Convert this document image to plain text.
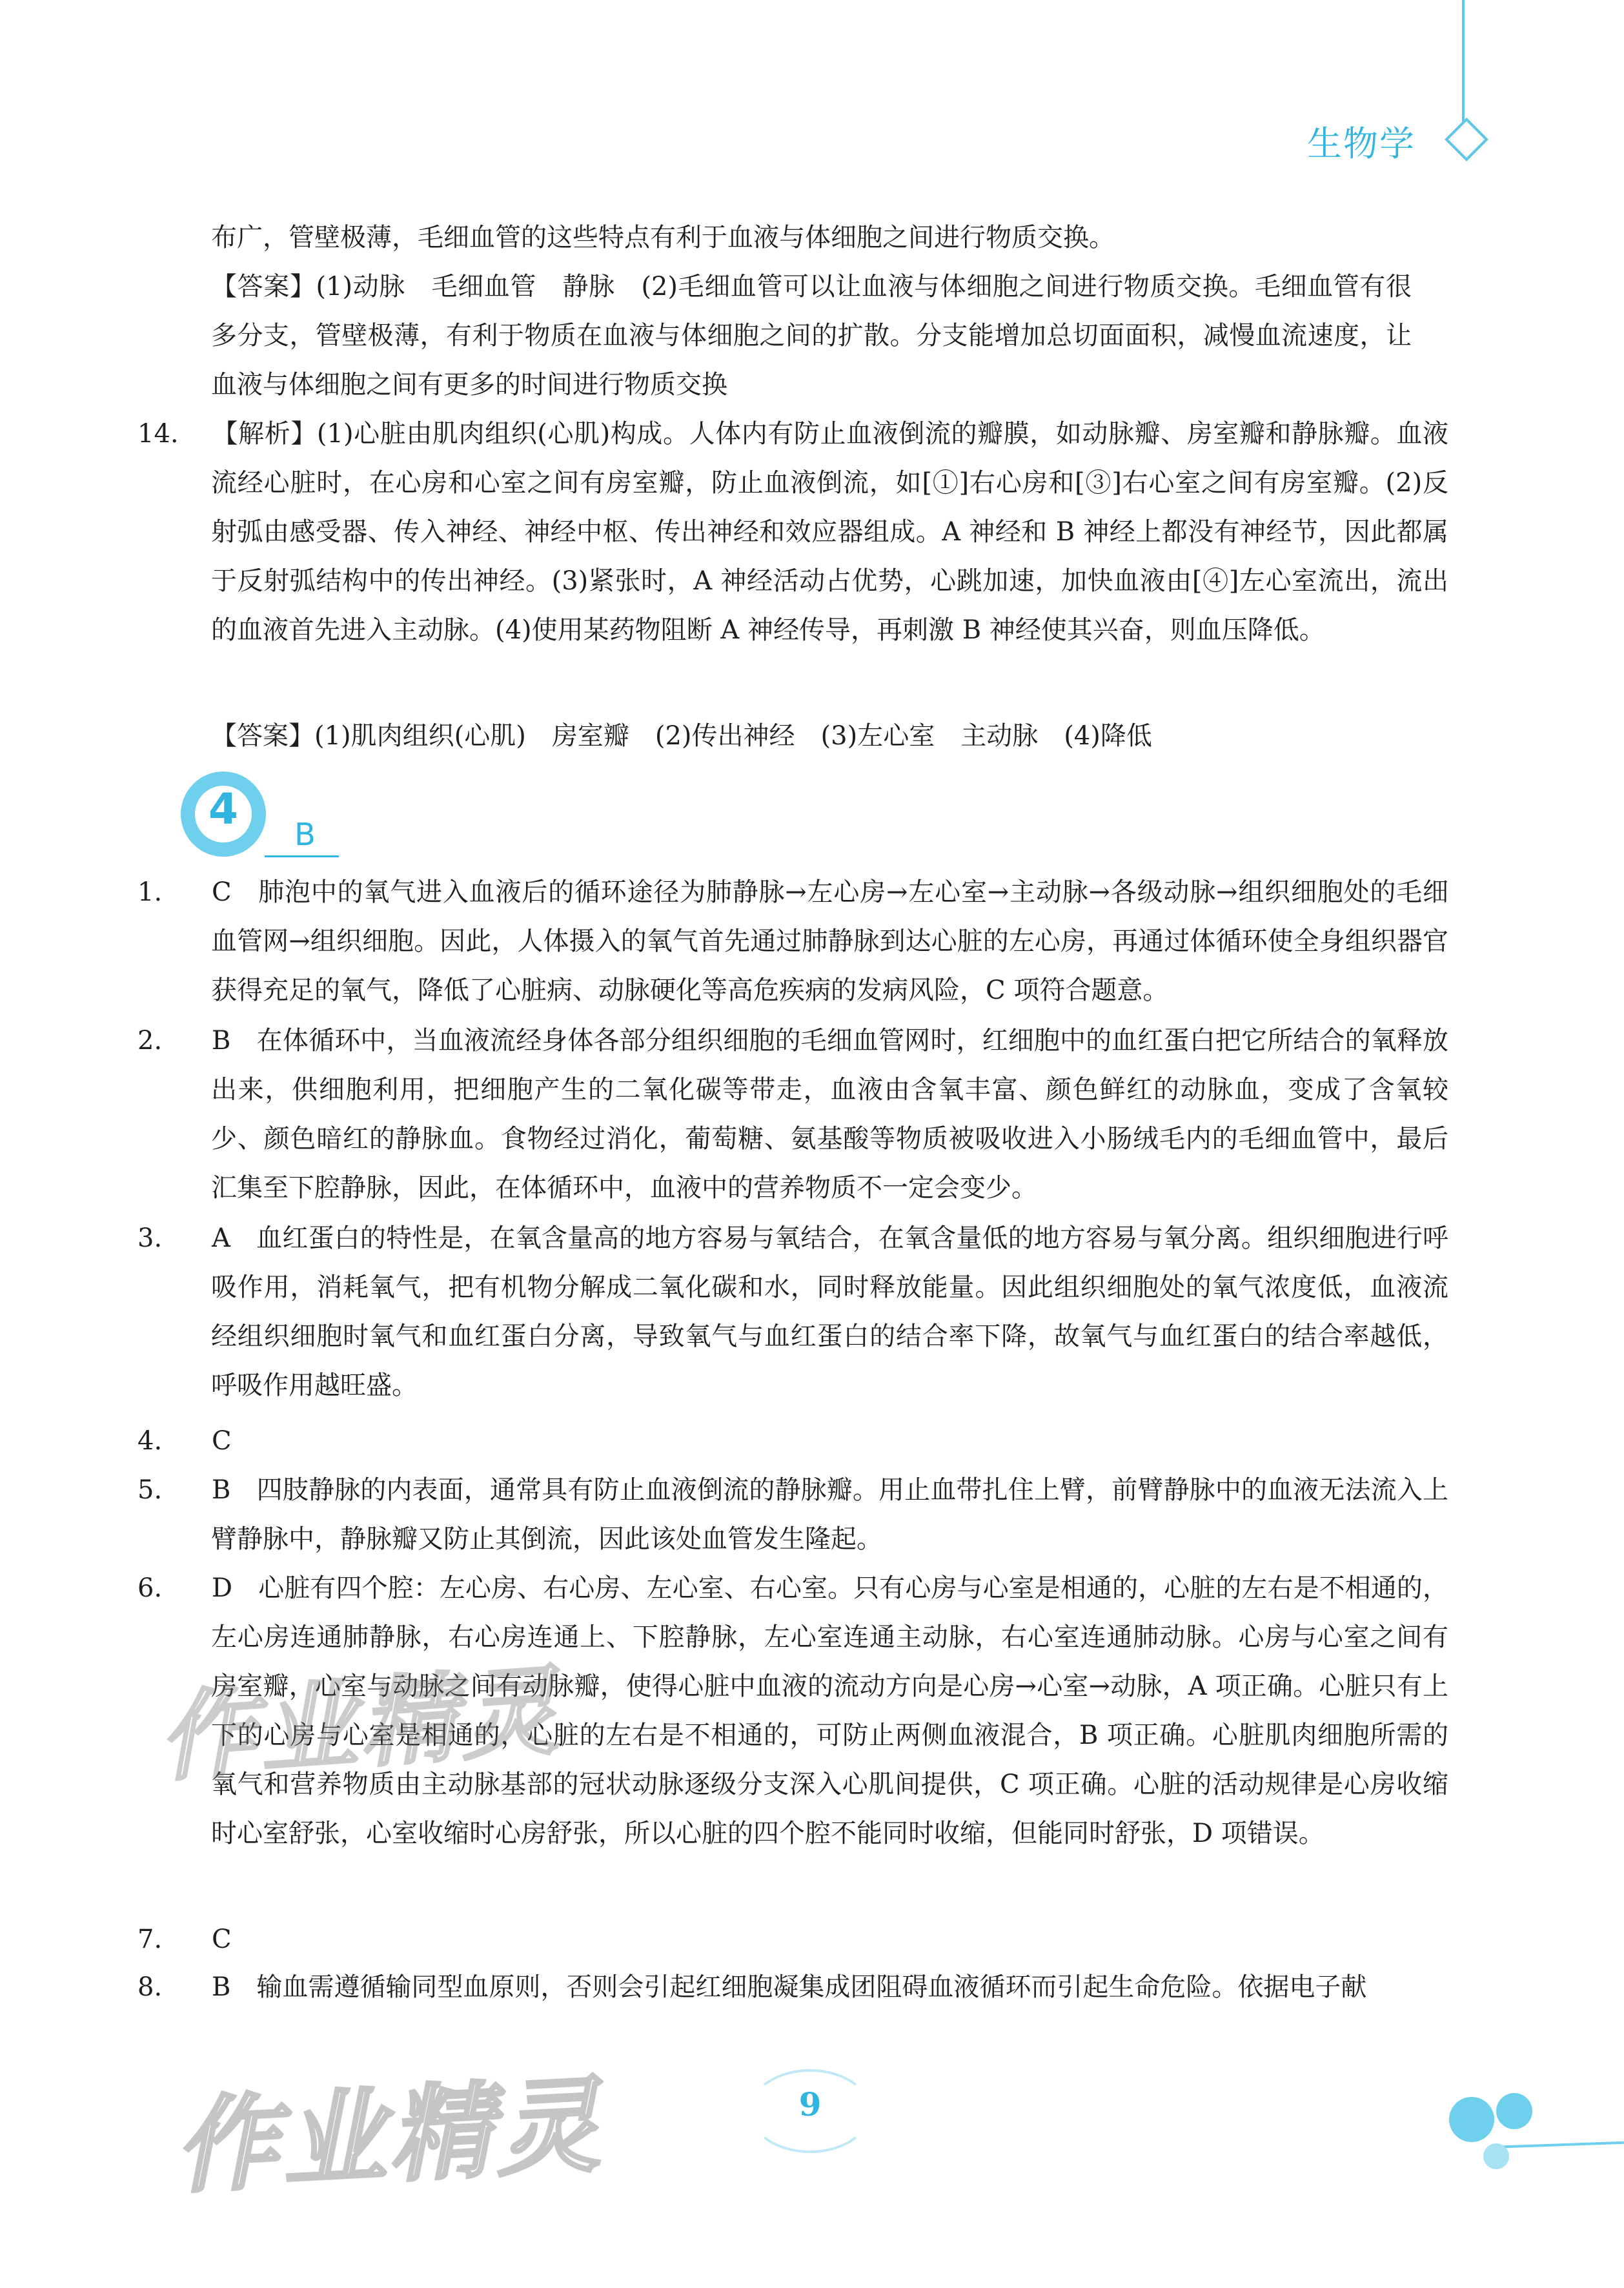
生物学

布广，管壁极薄，毛细血管的这些特点有利于血液与体细胞之间进行物质交换。

【答案】(1)动脉　毛细血管　静脉　(2)毛细血管可以让血液与体细胞之间进行物质交换。毛细血管有很多分支，管壁极薄，有利于物质在血液与体细胞之间的扩散。分支能增加总切面面积，减慢血流速度，让血液与体细胞之间有更多的时间进行物质交换

14. 【解析】(1)心脏由肌肉组织(心肌)构成。人体内有防止血液倒流的瓣膜，如动脉瓣、房室瓣和静脉瓣。血液流经心脏时，在心房和心室之间有房室瓣，防止血液倒流，如[①]右心房和[③]右心室之间有房室瓣。(2)反射弧由感受器、传入神经、神经中枢、传出神经和效应器组成。A 神经和 B 神经上都没有神经节，因此都属于反射弧结构中的传出神经。(3)紧张时，A 神经活动占优势，心跳加速，加快血液由[④]左心室流出，流出的血液首先进入主动脉。(4)使用某药物阻断 A 神经传导，再刺激 B 神经使其兴奋，则血压降低。

【答案】(1)肌肉组织(心肌)　房室瓣　(2)传出神经　(3)左心室　主动脉　(4)降低

4
B
1. C　肺泡中的氧气进入血液后的循环途径为肺静脉→左心房→左心室→主动脉→各级动脉→组织细胞处的毛细血管网→组织细胞。因此，人体摄入的氧气首先通过肺静脉到达心脏的左心房，再通过体循环使全身组织器官获得充足的氧气，降低了心脏病、动脉硬化等高危疾病的发病风险，C 项符合题意。
2. B　在体循环中，当血液流经身体各部分组织细胞的毛细血管网时，红细胞中的血红蛋白把它所结合的氧释放出来，供细胞利用，把细胞产生的二氧化碳等带走，血液由含氧丰富、颜色鲜红的动脉血，变成了含氧较少、颜色暗红的静脉血。食物经过消化，葡萄糖、氨基酸等物质被吸收进入小肠绒毛内的毛细血管中，最后汇集至下腔静脉，因此，在体循环中，血液中的营养物质不一定会变少。
3. A　血红蛋白的特性是，在氧含量高的地方容易与氧结合，在氧含量低的地方容易与氧分离。组织细胞进行呼吸作用，消耗氧气，把有机物分解成二氧化碳和水，同时释放能量。因此组织细胞处的氧气浓度低，血液流经组织细胞时氧气和血红蛋白分离，导致氧气与血红蛋白的结合率下降，故氧气与血红蛋白的结合率越低，呼吸作用越旺盛。
4. C
5. B　四肢静脉的内表面，通常具有防止血液倒流的静脉瓣。用止血带扎住上臂，前臂静脉中的血液无法流入上臂静脉中，静脉瓣又防止其倒流，因此该处血管发生隆起。
6. D　心脏有四个腔：左心房、右心房、左心室、右心室。只有心房与心室是相通的，心脏的左右是不相通的，左心房连通肺静脉，右心房连通上、下腔静脉，左心室连通主动脉，右心室连通肺动脉。心房与心室之间有房室瓣，心室与动脉之间有动脉瓣，使得心脏中血液的流动方向是心房→心室→动脉，A 项正确。心脏只有上下的心房与心室是相通的，心脏的左右是不相通的，可防止两侧血液混合，B 项正确。心脏肌肉细胞所需的氧气和营养物质由主动脉基部的冠状动脉逐级分支深入心肌间提供，C 项正确。心脏的活动规律是心房收缩时心室舒张，心室收缩时心房舒张，所以心脏的四个腔不能同时收缩，但能同时舒张，D 项错误。
7. C
8. B　输血需遵循输同型血原则，否则会引起红细胞凝集成团阻碍血液循环而引起生命危险。依据电子献
作业精灵
作业精灵	9
